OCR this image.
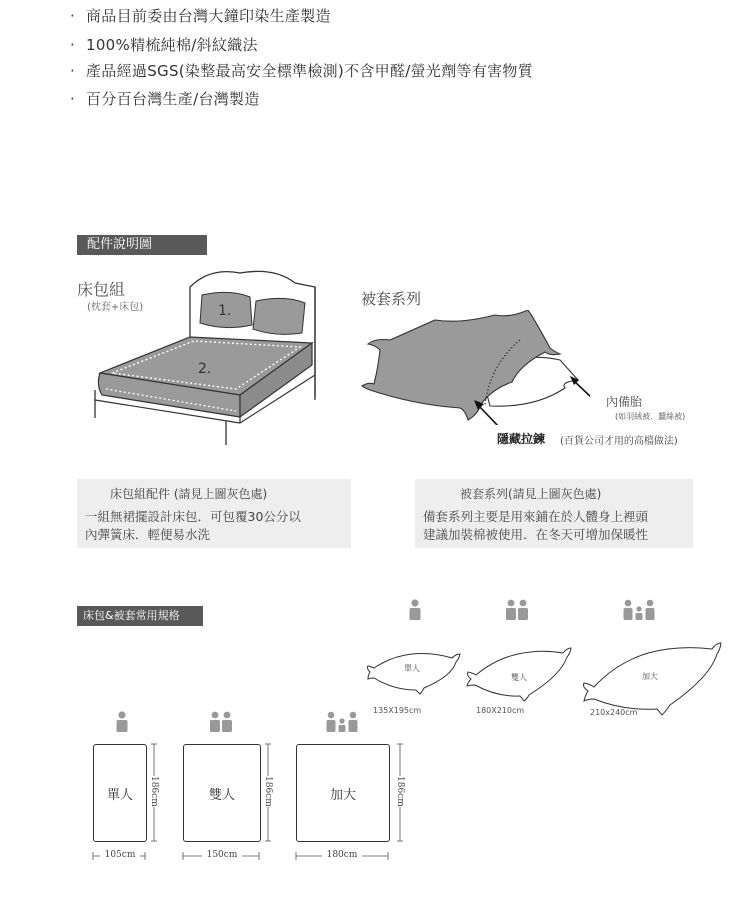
· 商品目前委由台灣大鐘印染生產製造
· 100%精梳純棉/斜紋織法
· 產品經過SGS(染整最高安全標準檢測)不含甲醛/螢光劑等有害物質
· 百分百台灣生產/台灣製造
配件說明圖
床包組
(枕套+床包)	1.
2.
被套系列
內備胎
(如羽絨被．蠶絲被)
隱藏拉鍊 (百貨公司才用的高檔做法)
床包組配件 (請見上圖灰色處)
一組無裙擺設計床包．可包覆30公分以
內彈簧床．輕便易水洗
被套系列(請見上圖灰色處)
備套系列主要是用來鋪在於人體身上裡頭
建議加裝棉被使用．在冬天可增加保暖性
床包&被套常用規格
單人
135X195cm
雙人
180X210cm
加大
210x240cm
單人	雙人	加大
186cm	186cm	186cm
105cm	150cm	180cm
